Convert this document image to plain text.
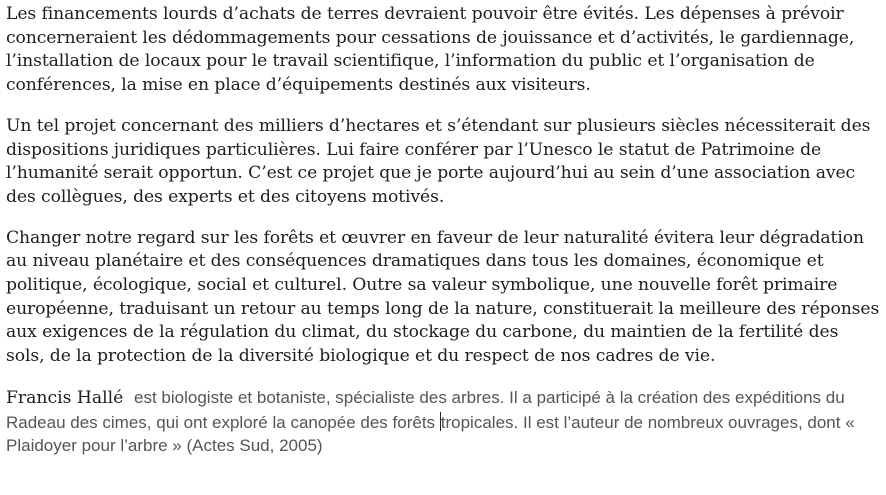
Les financements lourds d’achats de terres devraient pouvoir être évités. Les dépenses à prévoir concerneraient les dédommagements pour cessations de jouissance et d’activités, le gardiennage, l’installation de locaux pour le travail scientifique, l’information du public et l’organisation de conférences, la mise en place d’équipements destinés aux visiteurs.

Un tel projet concernant des milliers d’hectares et s’étendant sur plusieurs siècles nécessiterait des dispositions juridiques particulières. Lui faire conférer par l’Unesco le statut de Patrimoine de l’humanité serait opportun. C’est ce projet que je porte aujourd’hui au sein d’une association avec des collègues, des experts et des citoyens motivés.

Changer notre regard sur les forêts et œuvrer en faveur de leur naturalité évitera leur dégradation au niveau planétaire et des conséquences dramatiques dans tous les domaines, économique et politique, écologique, social et culturel. Outre sa valeur symbolique, une nouvelle forêt primaire européenne, traduisant un retour au temps long de la nature, constituerait la meilleure des réponses aux exigences de la régulation du climat, du stockage du carbone, du maintien de la fertilité des sols, de la protection de la diversité biologique et du respect de nos cadres de vie.

Francis Hallé est biologiste et botaniste, spécialiste des arbres. Il a participé à la création des expéditions du Radeau des cimes, qui ont exploré la canopée des forêts tropicales. Il est l’auteur de nombreux ouvrages, dont « Plaidoyer pour l’arbre » (Actes Sud, 2005)
